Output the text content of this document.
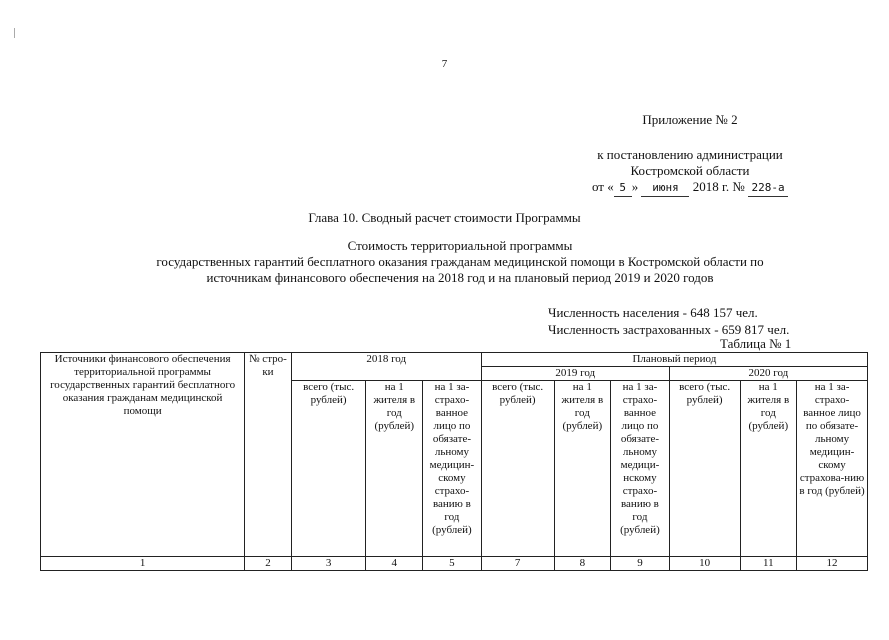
7
Приложение № 2
к постановлению администрации
Костромской области
от « 5 » июня 2018 г. № 228-а
Глава 10. Сводный расчет стоимости Программы
Стоимость территориальной программы
государственных гарантий бесплатного оказания гражданам медицинской помощи в Костромской области по
источникам финансового обеспечения на 2018 год и на плановый период 2019 и 2020 годов
Численность населения - 648 157 чел.
Численность застрахованных - 659 817 чел.
Таблица № 1
Источники финансового обеспечения территориальной программы государственных гарантий бесплатного оказания гражданам медицинской помощи	№ стро-ки	2018 год			Плановый период					
					2019 год			2020 год		
		всего (тыс. рублей)	на 1 жителя в год (рублей)	на 1 за-страхо-ванное лицо по обязате-льному медицин-скому страхо-ванию в год (рублей)	всего (тыс. рублей)	на 1 жителя в год (рублей)	на 1 за-страхо-ванное лицо по обязате-льному медици-нскому страхо-ванию в год (рублей)	всего (тыс. рублей)	на 1 жителя в год (рублей)	на 1 за-страхо-ванное лицо по обязате-льному медицин-скому страхова-нию в год (рублей)
1	2	3	4	5	7	8	9	10	11	12
